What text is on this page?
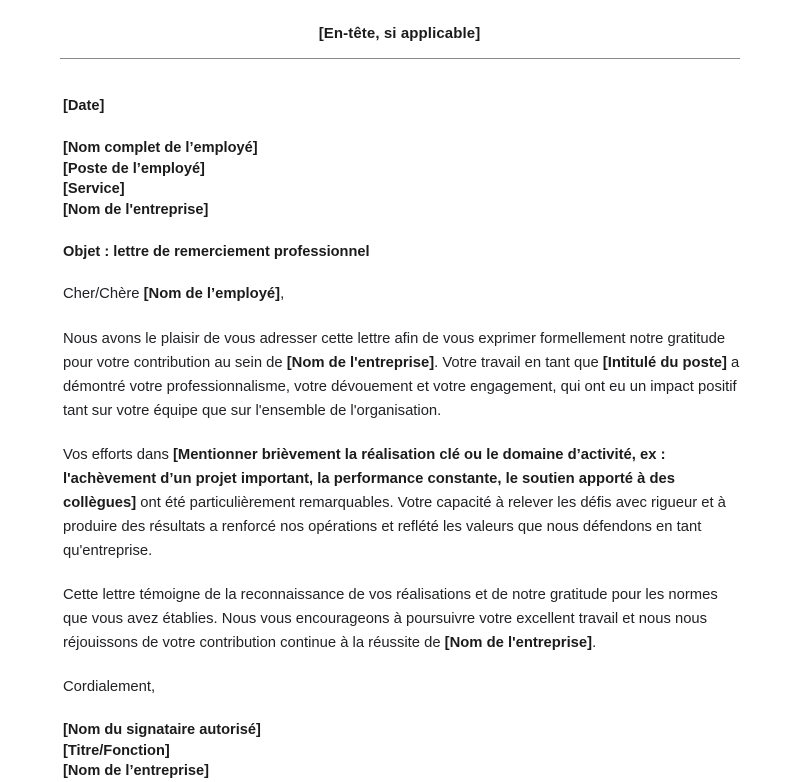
[En-tête, si applicable]
[Date]
[Nom complet de l’employé]
[Poste de l’employé]
[Service]
[Nom de l'entreprise]
Objet : lettre de remerciement professionnel
Cher/Chère [Nom de l’employé],
Nous avons le plaisir de vous adresser cette lettre afin de vous exprimer formellement notre gratitude pour votre contribution au sein de [Nom de l'entreprise]. Votre travail en tant que [Intitulé du poste] a démontré votre professionnalisme, votre dévouement et votre engagement, qui ont eu un impact positif tant sur votre équipe que sur l'ensemble de l'organisation.
Vos efforts dans [Mentionner brièvement la réalisation clé ou le domaine d’activité, ex : l'achèvement d’un projet important, la performance constante, le soutien apporté à des collègues] ont été particulièrement remarquables. Votre capacité à relever les défis avec rigueur et à produire des résultats a renforcé nos opérations et reflété les valeurs que nous défendons en tant qu'entreprise.
Cette lettre témoigne de la reconnaissance de vos réalisations et de notre gratitude pour les normes que vous avez établies. Nous vous encourageons à poursuivre votre excellent travail et nous nous réjouissons de votre contribution continue à la réussite de [Nom de l'entreprise].
Cordialement,
[Nom du signataire autorisé]
[Titre/Fonction]
[Nom de l’entreprise]
